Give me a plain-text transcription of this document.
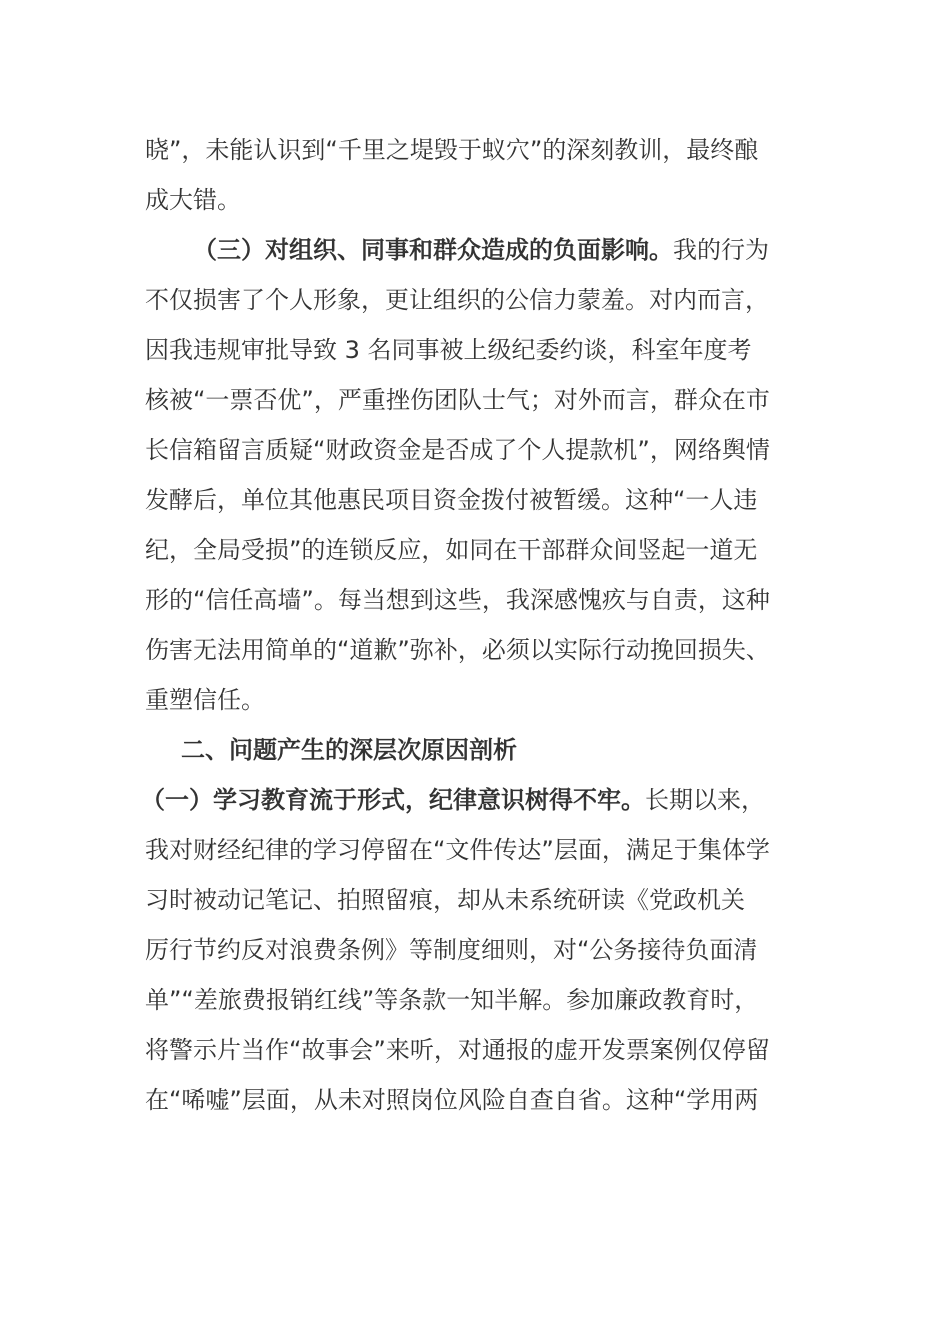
晓”，未能认识到“千里之堤毁于蚁穴”的深刻教训，最终酿
成大错。
（三）对组织、同事和群众造成的负面影响。我的行为
不仅损害了个人形象，更让组织的公信力蒙羞。对内而言，
因我违规审批导致 3 名同事被上级纪委约谈，科室年度考
核被“一票否优”，严重挫伤团队士气；对外而言，群众在市
长信箱留言质疑“财政资金是否成了个人提款机”，网络舆情
发酵后，单位其他惠民项目资金拨付被暂缓。这种“一人违
纪，全局受损”的连锁反应，如同在干部群众间竖起一道无
形的“信任高墙”。每当想到这些，我深感愧疚与自责，这种
伤害无法用简单的“道歉”弥补，必须以实际行动挽回损失、
重塑信任。
二、问题产生的深层次原因剖析
（一）学习教育流于形式，纪律意识树得不牢。长期以来，
我对财经纪律的学习停留在“文件传达”层面，满足于集体学
习时被动记笔记、拍照留痕，却从未系统研读《党政机关
厉行节约反对浪费条例》等制度细则，对“公务接待负面清
单”“差旅费报销红线”等条款一知半解。参加廉政教育时，
将警示片当作“故事会”来听，对通报的虚开发票案例仅停留
在“唏嘘”层面，从未对照岗位风险自查自省。这种“学用两
